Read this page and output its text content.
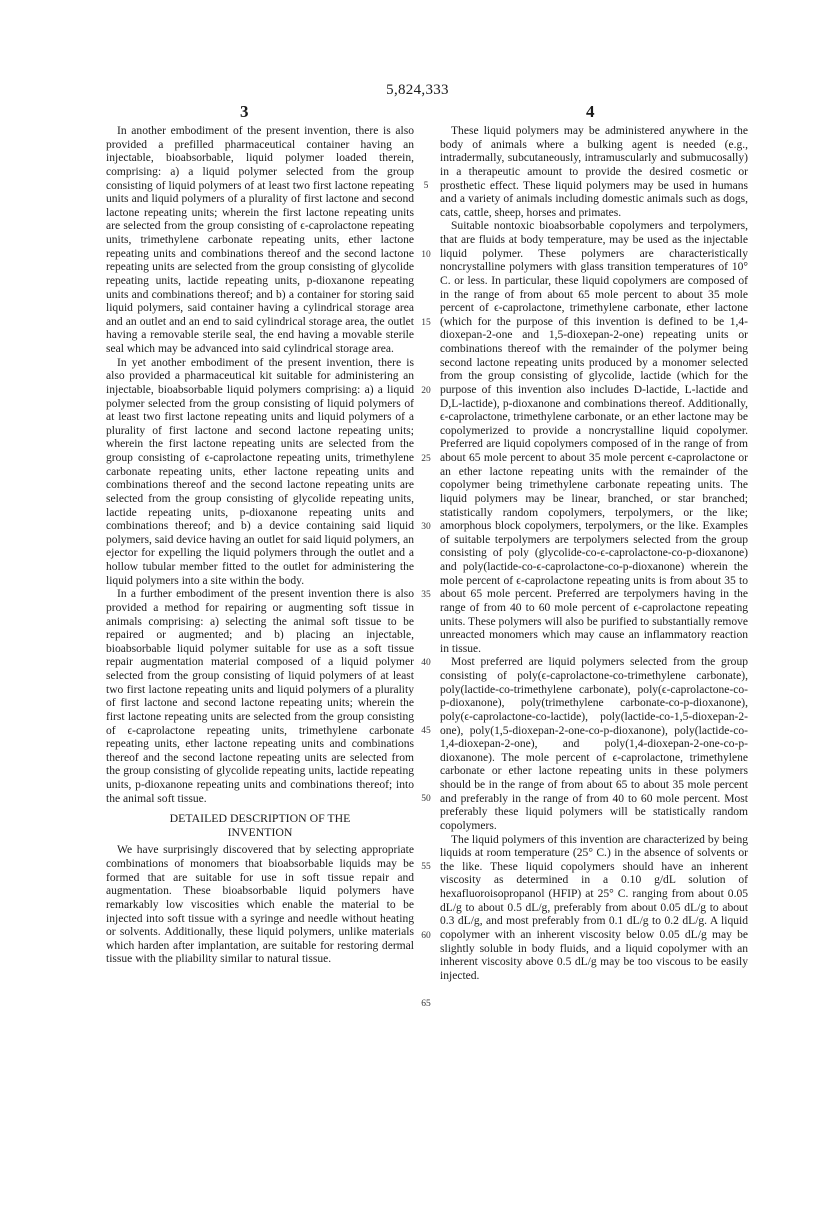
5,824,333
3	4

In another embodiment of the present invention, there is also provided a prefilled pharmaceutical container having an injectable, bioabsorbable, liquid polymer loaded therein, comprising: a) a liquid polymer selected from the group consisting of liquid polymers of at least two first lactone repeating units and liquid polymers of a plurality of first lactone and second lactone repeating units; wherein the first lactone repeating units are selected from the group consisting of ϵ-caprolactone repeating units, trimethylene carbonate repeating units, ether lactone repeating units and combinations thereof and the second lactone repeating units are selected from the group consisting of glycolide repeating units, lactide repeating units, p-dioxanone repeating units and combinations thereof; and b) a container for storing said liquid polymers, said container having a cylindrical storage area and an outlet and an end to said cylindrical storage area, the outlet having a removable sterile seal, the end having a movable sterile seal which may be advanced into said cylindrical storage area.

In yet another embodiment of the present invention, there is also provided a pharmaceutical kit suitable for administering an injectable, bioabsorbable liquid polymers comprising: a) a liquid polymer selected from the group consisting of liquid polymers of at least two first lactone repeating units and liquid polymers of a plurality of first lactone and second lactone repeating units; wherein the first lactone repeating units are selected from the group consisting of ϵ-caprolactone repeating units, trimethylene carbonate repeating units, ether lactone repeating units and combinations thereof and the second lactone repeating units are selected from the group consisting of glycolide repeating units, lactide repeating units, p-dioxanone repeating units and combinations thereof; and b) a device containing said liquid polymers, said device having an outlet for said liquid polymers, an ejector for expelling the liquid polymers through the outlet and a hollow tubular member fitted to the outlet for administering the liquid polymers into a site within the body.

In a further embodiment of the present invention there is also provided a method for repairing or augmenting soft tissue in animals comprising: a) selecting the animal soft tissue to be repaired or augmented; and b) placing an injectable, bioabsorbable liquid polymer suitable for use as a soft tissue repair augmentation material composed of a liquid polymer selected from the group consisting of liquid polymers of at least two first lactone repeating units and liquid polymers of a plurality of first lactone and second lactone repeating units; wherein the first lactone repeating units are selected from the group consisting of ϵ-caprolactone repeating units, trimethylene carbonate repeating units, ether lactone repeating units and combinations thereof and the second lactone repeating units are selected from the group consisting of glycolide repeating units, lactide repeating units, p-dioxanone repeating units and combinations thereof; into the animal soft tissue.

DETAILED DESCRIPTION OF THE
INVENTION

We have surprisingly discovered that by selecting appropriate combinations of monomers that bioabsorbable liquids may be formed that are suitable for use in soft tissue repair and augmentation. These bioabsorbable liquid polymers have remarkably low viscosities which enable the material to be injected into soft tissue with a syringe and needle without heating or solvents. Additionally, these liquid polymers, unlike materials which harden after implantation, are suitable for restoring dermal tissue with the pliability similar to natural tissue.

These liquid polymers may be administered anywhere in the body of animals where a bulking agent is needed (e.g., intradermally, subcutaneously, intramuscularly and submucosally) in a therapeutic amount to provide the desired cosmetic or prosthetic effect. These liquid polymers may be used in humans and a variety of animals including domestic animals such as dogs, cats, cattle, sheep, horses and primates.

Suitable nontoxic bioabsorbable copolymers and terpolymers, that are fluids at body temperature, may be used as the injectable liquid polymer. These polymers are characteristically noncrystalline polymers with glass transition temperatures of 10° C. or less. In particular, these liquid copolymers are composed of in the range of from about 65 mole percent to about 35 mole percent of ϵ-caprolactone, trimethylene carbonate, ether lactone (which for the purpose of this invention is defined to be 1,4-dioxepan-2-one and 1,5-dioxepan-2-one) repeating units or combinations thereof with the remainder of the polymer being second lactone repeating units produced by a monomer selected from the group consisting of glycolide, lactide (which for the purpose of this invention also includes D-lactide, L-lactide and D,L-lactide), p-dioxanone and combinations thereof. Additionally, ϵ-caprolactone, trimethylene carbonate, or an ether lactone may be copolymerized to provide a noncrystalline liquid copolymer. Preferred are liquid copolymers composed of in the range of from about 65 mole percent to about 35 mole percent ϵ-caprolactone or an ether lactone repeating units with the remainder of the copolymer being trimethylene carbonate repeating units. The liquid polymers may be linear, branched, or star branched; statistically random copolymers, terpolymers, or the like; amorphous block copolymers, terpolymers, or the like. Examples of suitable terpolymers are terpolymers selected from the group consisting of poly (glycolide-co-ϵ-caprolactone-co-p-dioxanone) and poly(lactide-co-ϵ-caprolactone-co-p-dioxanone) wherein the mole percent of ϵ-caprolactone repeating units is from about 35 to about 65 mole percent. Preferred are terpolymers having in the range of from 40 to 60 mole percent of ϵ-caprolactone repeating units. These polymers will also be purified to substantially remove unreacted monomers which may cause an inflammatory reaction in tissue.

Most preferred are liquid polymers selected from the group consisting of poly(ϵ-caprolactone-co-trimethylene carbonate), poly(lactide-co-trimethylene carbonate), poly(ϵ-caprolactone-co-p-dioxanone), poly(trimethylene carbonate-co-p-dioxanone), poly(ϵ-caprolactone-co-lactide), poly(lactide-co-1,5-dioxepan-2-one), poly(1,5-dioxepan-2-one-co-p-dioxanone), poly(lactide-co-1,4-dioxepan-2-one), and poly(1,4-dioxepan-2-one-co-p-dioxanone). The mole percent of ϵ-caprolactone, trimethylene carbonate or ether lactone repeating units in these polymers should be in the range of from about 65 to about 35 mole percent and preferably in the range of from 40 to 60 mole percent. Most preferably these liquid polymers will be statistically random copolymers.

The liquid polymers of this invention are characterized by being liquids at room temperature (25° C.) in the absence of solvents or the like. These liquid copolymers should have an inherent viscosity as determined in a 0.10 g/dL solution of hexafluoroisopropanol (HFIP) at 25° C. ranging from about 0.05 dL/g to about 0.5 dL/g, preferably from about 0.05 dL/g to about 0.3 dL/g, and most preferably from 0.1 dL/g to 0.2 dL/g. A liquid copolymer with an inherent viscosity below 0.05 dL/g may be slightly soluble in body fluids, and a liquid copolymer with an inherent viscosity above 0.5 dL/g may be too viscous to be easily injected.

5
10
15
20
25
30
35
40
45
50
55
60
65
